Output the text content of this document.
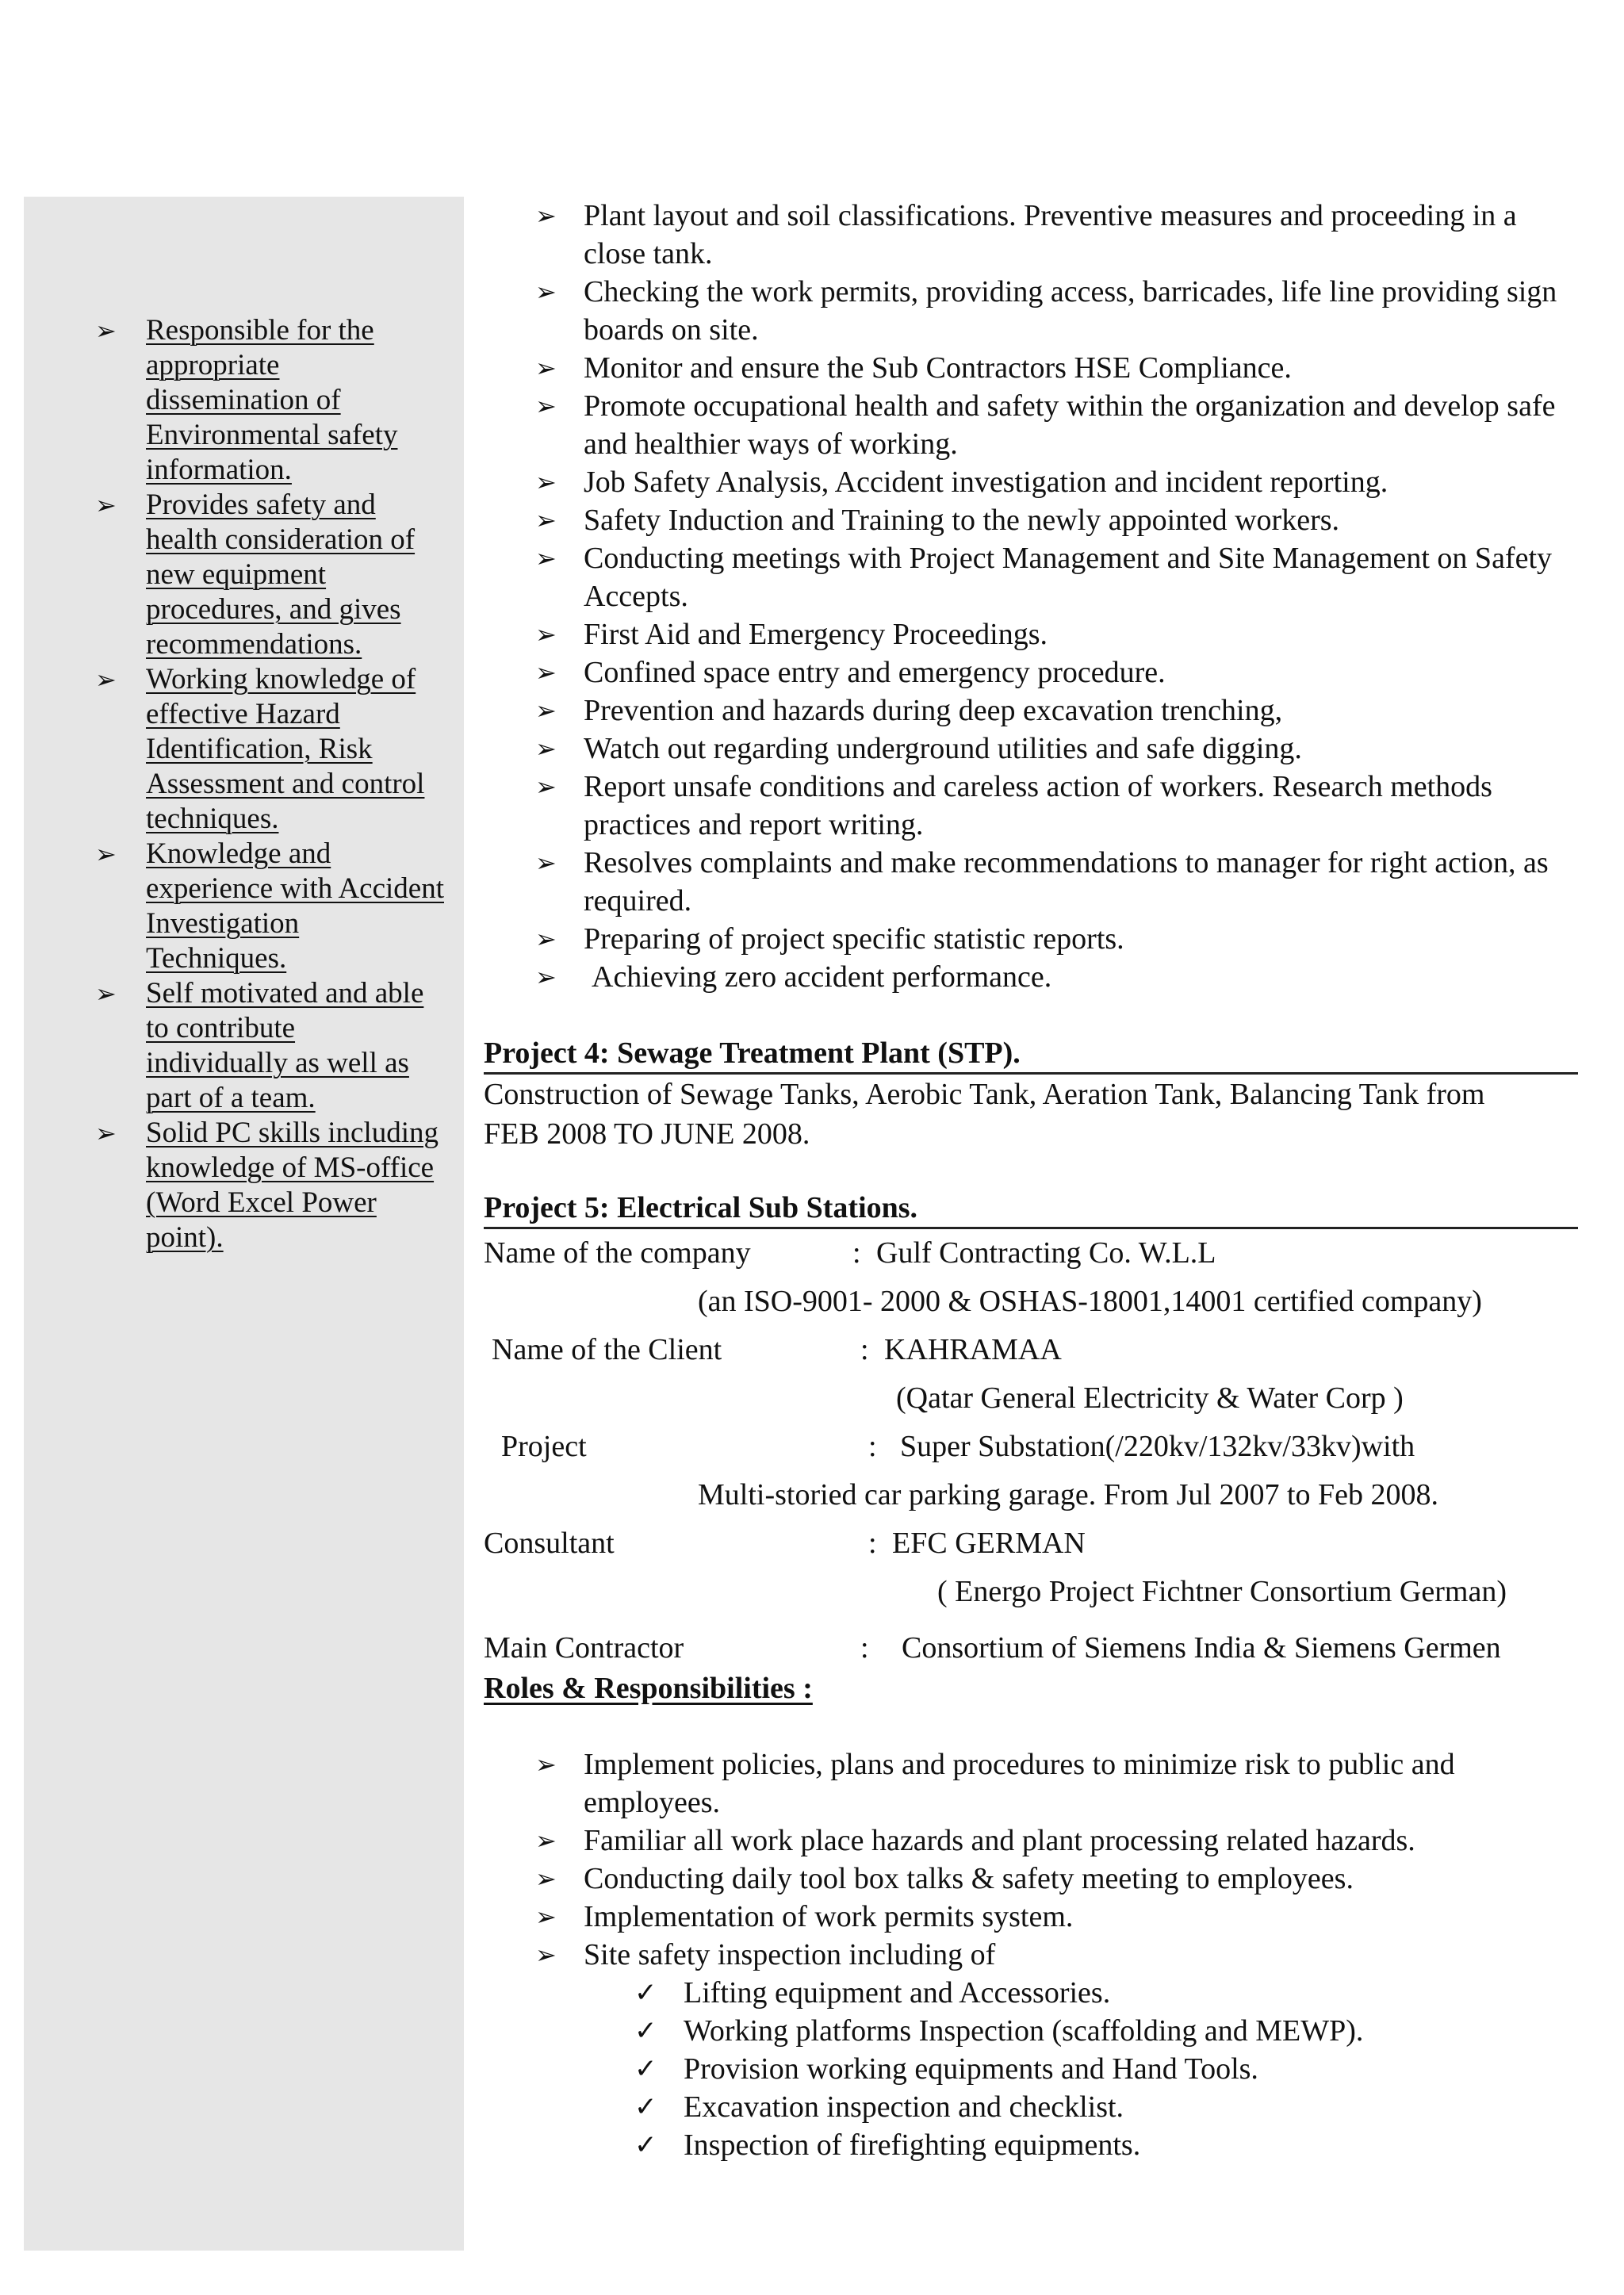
➢ Responsible for the appropriate dissemination of Environmental safety information.
➢ Provides safety and health consideration of new equipment procedures, and gives recommendations.
➢ Working knowledge of effective Hazard Identification, Risk Assessment and control techniques.
➢ Knowledge and experience with Accident Investigation Techniques.
➢ Self motivated and able to contribute individually as well as part of a team.
➢ Solid PC skills including knowledge of MS-office (Word Excel Power point).
➢ Plant layout and soil classifications. Preventive measures and proceeding in a close tank.
➢ Checking the work permits, providing access, barricades, life line providing sign boards on site.
➢ Monitor and ensure the Sub Contractors HSE Compliance.
➢ Promote occupational health and safety within the organization and develop safe and healthier ways of working.
➢ Job Safety Analysis, Accident investigation and incident reporting.
➢ Safety Induction and Training to the newly appointed workers.
➢ Conducting meetings with Project Management and Site Management on Safety Accepts.
➢ First Aid and Emergency Proceedings.
➢ Confined space entry and emergency procedure.
➢ Prevention and hazards during deep excavation trenching,
➢ Watch out regarding underground utilities and safe digging.
➢ Report unsafe conditions and careless action of workers. Research methods practices and report writing.
➢ Resolves complaints and make recommendations to manager for right action, as required.
➢ Preparing of project specific statistic reports.
➢ Achieving zero accident performance.
Project 4: Sewage Treatment Plant (STP).
Construction of Sewage Tanks, Aerobic Tank, Aeration Tank, Balancing Tank from FEB 2008 TO JUNE 2008.
Project 5: Electrical Sub Stations.
Name of the company	: Gulf Contracting Co. W.L.L
(an ISO-9001- 2000 & OSHAS-18001,14001 certified company)
Name of the Client	: KAHRAMAA
(Qatar General Electricity & Water Corp )
Project	: Super Substation(/220kv/132kv/33kv)with
Multi-storied car parking garage. From Jul 2007 to Feb 2008.
Consultant	: EFC GERMAN
( Energo Project Fichtner Consortium German)
Main Contractor	: Consortium of Siemens India & Siemens Germen
Roles & Responsibilities :
➢ Implement policies, plans and procedures to minimize risk to public and employees.
➢ Familiar all work place hazards and plant processing related hazards.
➢ Conducting daily tool box talks & safety meeting to employees.
➢ Implementation of work permits system.
➢ Site safety inspection including of
✓ Lifting equipment and Accessories.
✓ Working platforms Inspection (scaffolding and MEWP).
✓ Provision working equipments and Hand Tools.
✓ Excavation inspection and checklist.
✓ Inspection of firefighting equipments.
